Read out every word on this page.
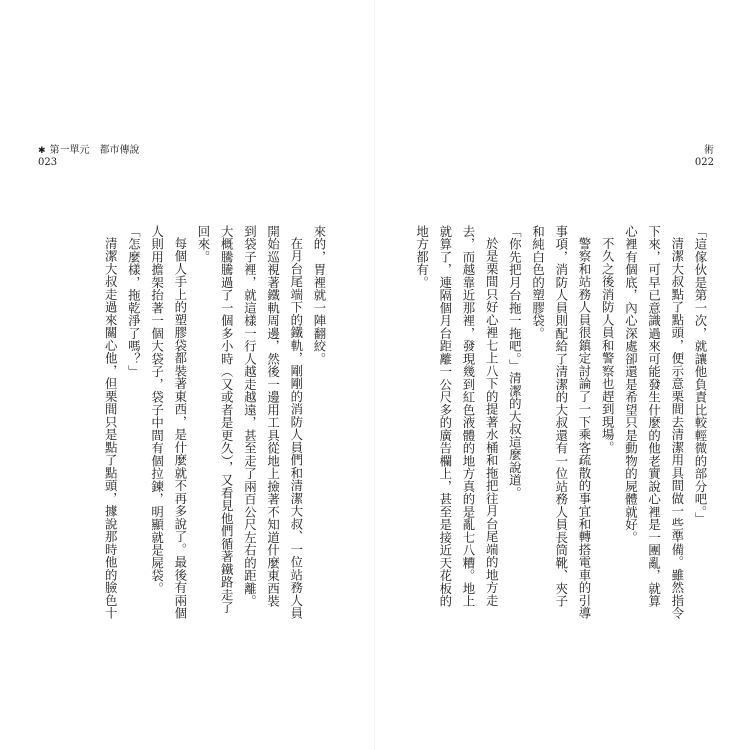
✱ 第一單元　都市傳說
023
術
022

「這傢伙是第一次，就讓他負責比較輕微的部分吧。」

清潔大叔點了點頭，便示意栗間去清潔用具間做一些準備。雖然指令下來，可早已意識過來可能發生什麼的他老實說心裡是一團亂，就算心裡有個底，內心深處卻還是希望只是動物的屍體就好。

不久之後消防人員和警察也趕到現場。

警察和站務人員很鎮定討論了一下乘客疏散的事宜和轉搭電車的引導事項，消防人員則配給了清潔的大叔還有一位站務人員長筒靴、夾子和純白色的塑膠袋。

「你先把月台拖一拖吧。」清潔的大叔這麼說道。

於是栗間只好心裡七上八下的提著水桶和拖把往月台尾端的地方走去，而越靠近那裡，發現幾到紅色液體的地方真的是亂七八糟。地上就算了，連隔個月台距離一公尺多的廣告欄上，甚至是接近天花板的地方都有。

來的，胃裡就一陣翻絞。

在月台尾端下的鐵軌，剛剛的消防人員們和清潔大叔、一位站務人員開始巡視著鐵軌周邊，然後一邊用工具從地上撿著不知道什麼東西裝到袋子裡，就這樣一行人越走越遠，甚至走了兩百公尺左右的距離。大概騰騰過了一個多小時（又或者是更久），又看見他們循著鐵路走了回來。

每個人手上的塑膠袋都裝著東西，是什麼就不再多說了。最後有兩個人則用擔架抬著一個大袋子，袋子中間有個拉鍊，明顯就是屍袋。

「怎麼樣，拖乾淨了嗎？」

清潔大叔走過來關心他，但栗間只是點了點頭，據說那時他的臉色十
